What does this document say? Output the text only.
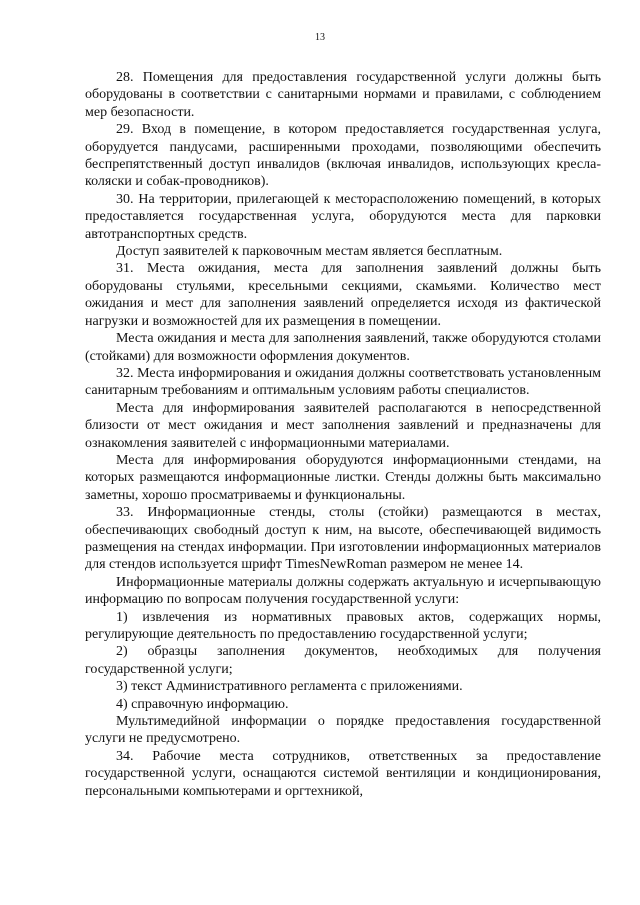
13

28. Помещения для предоставления государственной услуги должны быть оборудованы в соответствии с санитарными нормами и правилами, с соблюдением мер безопасности.

29. Вход в помещение, в котором предоставляется государственная услуга, оборудуется пандусами, расширенными проходами, позволяющими обеспечить беспрепятственный доступ инвалидов (включая инвалидов, использующих кресла-коляски и собак-проводников).

30. На территории, прилегающей к месторасположению помещений, в которых предоставляется государственная услуга, оборудуются места для парковки автотранспортных средств.

Доступ заявителей к парковочным местам является бесплатным.

31. Места ожидания, места для заполнения заявлений должны быть оборудованы стульями, кресельными секциями, скамьями. Количество мест ожидания и мест для заполнения заявлений определяется исходя из фактической нагрузки и возможностей для их размещения в помещении.

Места ожидания и места для заполнения заявлений, также оборудуются столами (стойками) для возможности оформления документов.

32. Места информирования и ожидания должны соответствовать установленным санитарным требованиям и оптимальным условиям работы специалистов.

Места для информирования заявителей располагаются в непосредственной близости от мест ожидания и мест заполнения заявлений и предназначены для ознакомления заявителей с информационными материалами.

Места для информирования оборудуются информационными стендами, на которых размещаются информационные листки. Стенды должны быть максимально заметны, хорошо просматриваемы и функциональны.

33. Информационные стенды, столы (стойки) размещаются в местах, обеспечивающих свободный доступ к ним, на высоте, обеспечивающей видимость размещения на стендах информации. При изготовлении информационных материалов для стендов используется шрифт TimesNewRoman размером не менее 14.

Информационные материалы должны содержать актуальную и исчерпывающую информацию по вопросам получения государственной услуги:

1) извлечения из нормативных правовых актов, содержащих нормы, регулирующие деятельность по предоставлению государственной услуги;

2) образцы заполнения документов, необходимых для получения государственной услуги;

3) текст Административного регламента с приложениями.

4) справочную информацию.

Мультимедийной информации о порядке предоставления государственной услуги не предусмотрено.

34. Рабочие места сотрудников, ответственных за предоставление государственной услуги, оснащаются системой вентиляции и кондиционирования, персональными компьютерами и оргтехникой,
